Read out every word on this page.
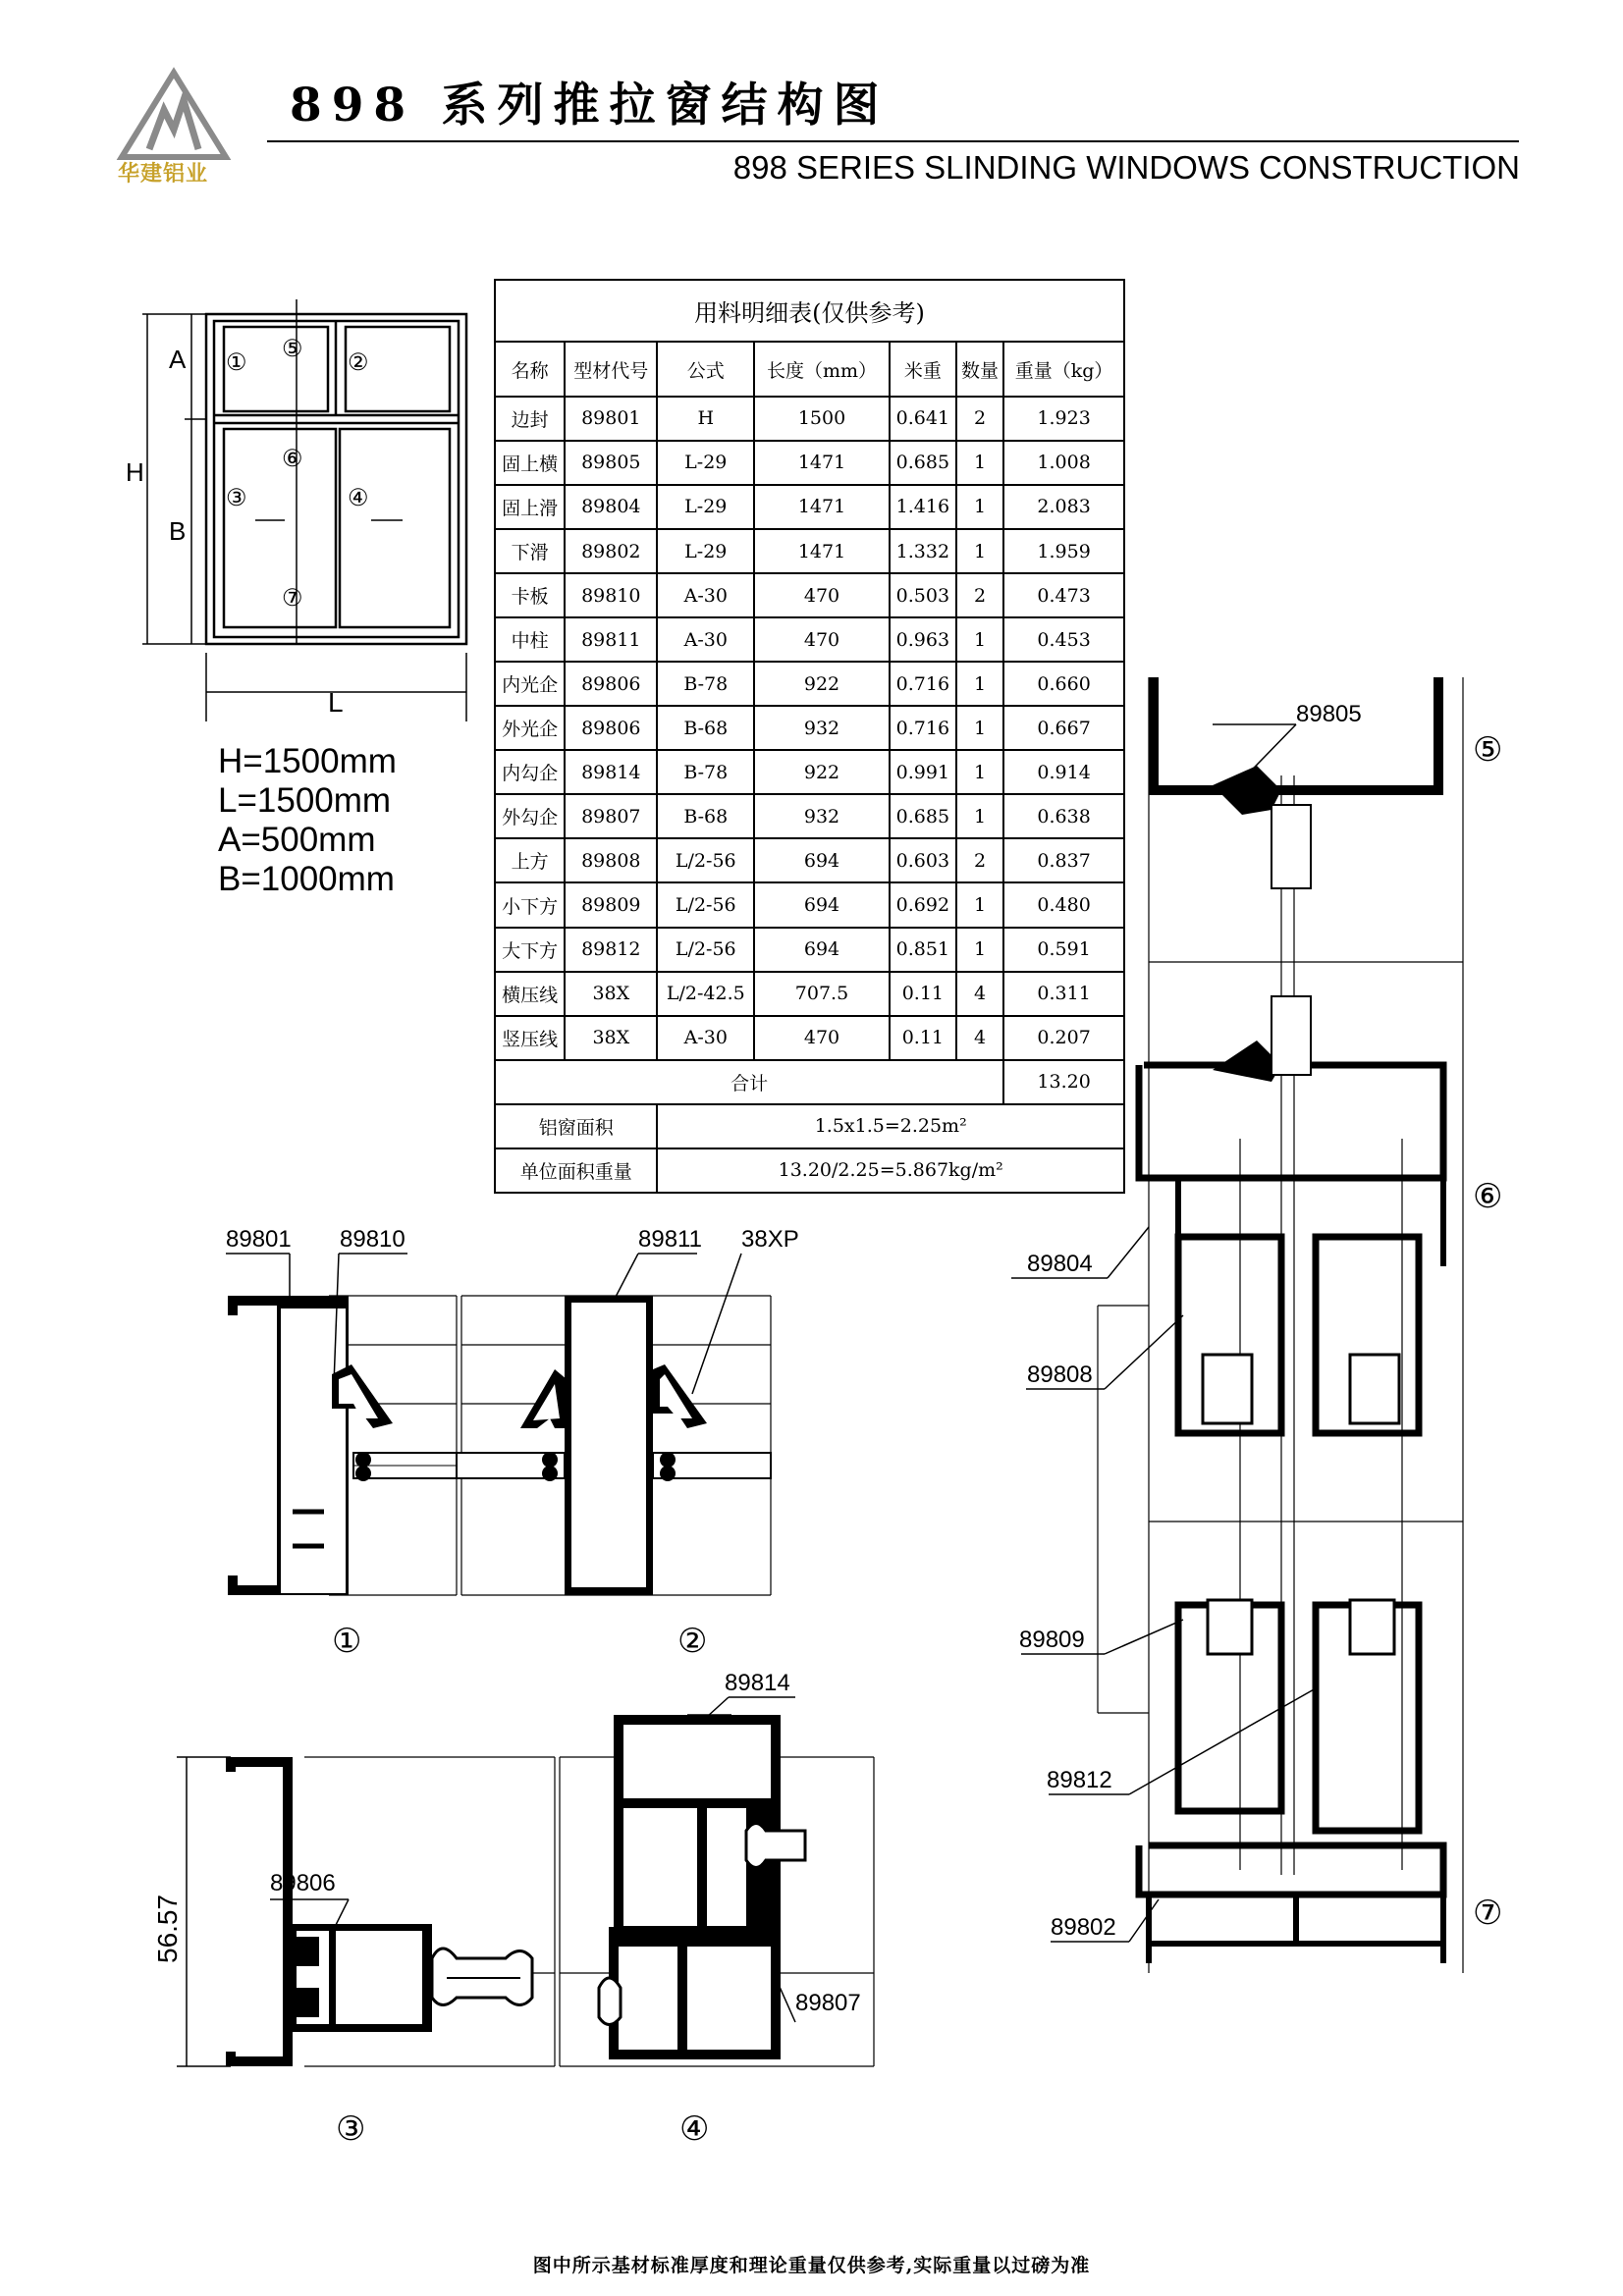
华建铝业
898 系列推拉窗结构图
898 SERIES SLINDING WINDOWS CONSTRUCTION
A
B
H
L
①
⑤
②
⑥
③	④
⑦
H=1500mm
L=1500mm
A=500mm
B=1000mm
用料明细表(仅供参考)						
名称	型材代号	公式	长度（mm）	米重	数量	重量（kg）
边封	89801	H	1500	0.641	2	1.923
固上横	89805	L-29	1471	0.685	1	1.008
固上滑	89804	L-29	1471	1.416	1	2.083
下滑	89802	L-29	1471	1.332	1	1.959
卡板	89810	A-30	470	0.503	2	0.473
中柱	89811	A-30	470	0.963	1	0.453
内光企	89806	B-78	922	0.716	1	0.660
外光企	89806	B-68	932	0.716	1	0.667
内勾企	89814	B-78	922	0.991	1	0.914
外勾企	89807	B-68	932	0.685	1	0.638
上方	89808	L/2-56	694	0.603	2	0.837
小下方	89809	L/2-56	694	0.692	1	0.480
大下方	89812	L/2-56	694	0.851	1	0.591
横压线	38X	L/2-42.5	707.5	0.11	4	0.311
竖压线	38X	A-30	470	0.11	4	0.207
合计						13.20
铝窗面积		1.5x1.5=2.25m²				
单位面积重量		13.20/2.25=5.867kg/m²				
89801 89810
①
89811 38XP
②
56.57
89806
③
89814
89807
④
89805
89804
89808
89809
89812
89802
⑤
⑥
⑦
图中所示基材标准厚度和理论重量仅供参考,实际重量以过磅为准
